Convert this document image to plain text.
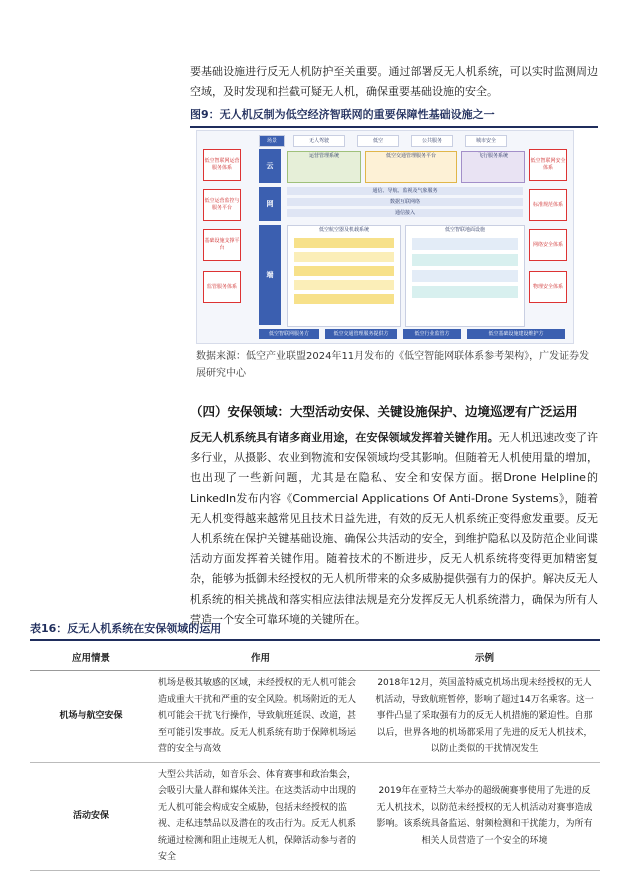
要基础设施进行反无人机防护至关重要。通过部署反无人机系统，可以实时监测周边空域，及时发现和拦截可疑无人机，确保重要基础设施的安全。
图9：无人机反制为低空经济智联网的重要保障性基础设施之一
场景	无人驾驶	低空	公共服务	城市安全
低空智联网运营服务体系
低空运营监控与服务平台
基础设施支撑平台
监管服务体系
低空智联网安全体系
标准规范体系
网络安全体系
物理安全体系
云
网
端
运营管理系统	低空交通管理服务平台	飞行服务系统
通信、导航、监视及气象服务
数据互联网络
通信接入
低空航空器及机载系统	低空智联地面设施
低空智联网服务方	低空交通管理服务提供方	低空行业监管方	低空基础设施建设维护方
数据来源：低空产业联盟2024年11月发布的《低空智能网联体系参考架构》，广发证券发展研究中心
（四）安保领域：大型活动安保、关键设施保护、边境巡逻有广泛运用
反无人机系统具有诸多商业用途，在安保领域发挥着关键作用。无人机迅速改变了许多行业，从摄影、农业到物流和安保领域均受其影响。但随着无人机使用量的增加，也出现了一些新问题，尤其是在隐私、安全和安保方面。据Drone Helpline的LinkedIn发布内容《Commercial Applications Of Anti-Drone Systems》，随着无人机变得越来越常见且技术日益先进，有效的反无人机系统正变得愈发重要。反无人机系统在保护关键基础设施、确保公共活动的安全，到维护隐私以及防范企业间谍活动方面发挥着关键作用。随着技术的不断进步，反无人机系统将变得更加精密复杂，能够为抵御未经授权的无人机所带来的众多威胁提供强有力的保护。解决反无人机系统的相关挑战和落实相应法律法规是充分发挥反无人机系统潜力，确保为所有人营造一个安全可靠环境的关键所在。
表16：反无人机系统在安保领域的运用
应用情景	作用	示例
机场与航空安保	机场是极其敏感的区域，未经授权的无人机可能会造成重大干扰和严重的安全风险。机场附近的无人机可能会干扰飞行操作，导致航班延误、改道，甚至可能引发事故。反无人机系统有助于保障机场运营的安全与高效	2018年12月，英国盖特威克机场出现未经授权的无人机活动，导致航班暂停，影响了超过14万名乘客。这一事件凸显了采取强有力的反无人机措施的紧迫性。自那以后，世界各地的机场都采用了先进的反无人机技术，以防止类似的干扰情况发生
活动安保	大型公共活动，如音乐会、体育赛事和政治集会，会吸引大量人群和媒体关注。在这类活动中出现的无人机可能会构成安全威胁，包括未经授权的监视、走私违禁品以及潜在的攻击行为。反无人机系统通过检测和阻止违规无人机，保障活动参与者的安全	2019年在亚特兰大举办的超级碗赛事使用了先进的反无人机技术，以防范未经授权的无人机活动对赛事造成影响。该系统具备监运、射频检测和干扰能力，为所有相关人员营造了一个安全的环境
